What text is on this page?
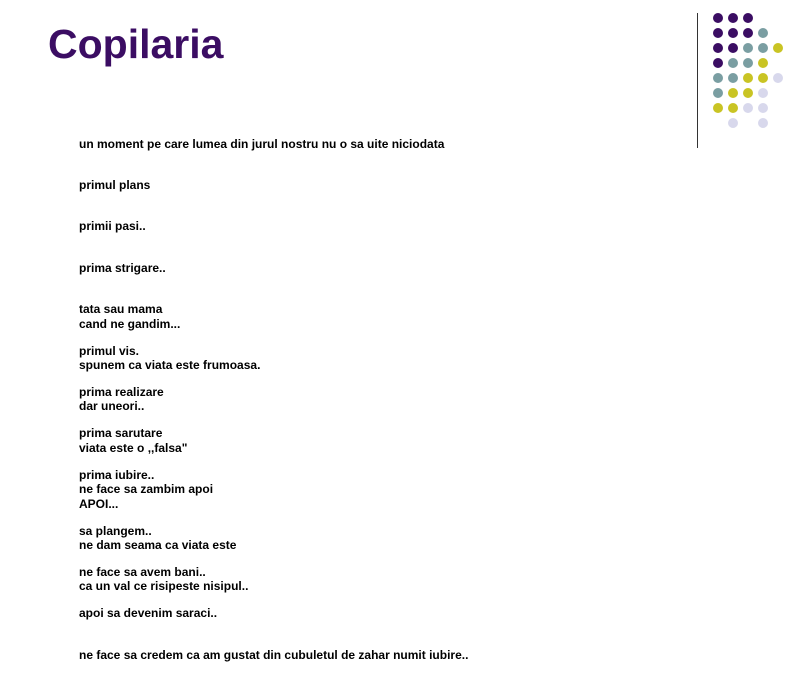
Copilaria

un moment pe care lumea din jurul nostru nu o sa uite niciodata

primul plans

primii pasi..

prima strigare..

tata sau mama

primul vis.

prima realizare

prima sarutare

prima iubire..

cand ne gandim...

spunem ca viata este frumoasa.

dar uneori..

viata este o ,,falsa"

ne face sa zambim apoi

sa plangem..

ne face sa avem bani..

apoi sa devenim saraci..

ne face sa credem ca am gustat din cubuletul de zahar numit iubire..

APOI...

ne dam seama ca viata este

ca un val ce risipeste nisipul..
